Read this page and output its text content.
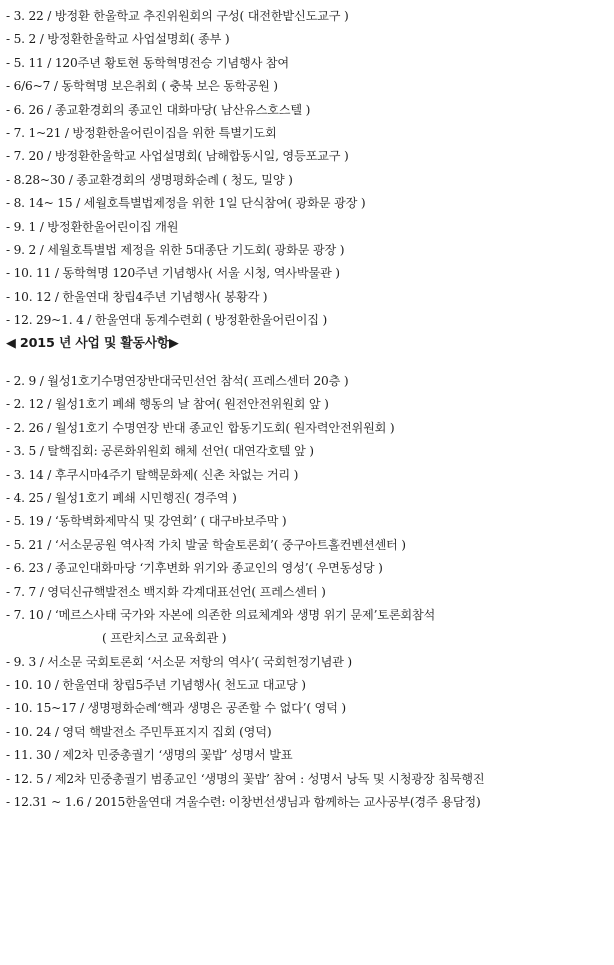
- 3. 22 / 방정환 한울학교 추진위원회의 구성( 대전한밭신도교구 )
- 5. 2 / 방정환한울학교 사업설명회( 종부 )
- 5. 11 / 120주년 황토현 동학혁명전승 기념행사 참여
- 6/6~7 / 동학혁명 보은취회 ( 충북 보은 동학공원 )
- 6. 26 / 종교환경회의 종교인 대화마당( 남산유스호스텔 )
- 7. 1~21 / 방정환한울어린이집을 위한 특별기도회
- 7. 20 / 방정환한울학교 사업설명회( 남해합동시일, 영등포교구 )
- 8.28~30 / 종교환경회의 생명평화순례 ( 청도, 밀양 )
- 8. 14~ 15 / 세월호특별법제정을 위한 1일 단식참여( 광화문 광장 )
- 9. 1 / 방정환한울어린이집 개원
- 9. 2 / 세월호특별법 제정을 위한 5대종단 기도회( 광화문 광장 )
- 10. 11 / 동학혁명 120주년 기념행사( 서울 시청, 역사박물관 )
- 10. 12 / 한울연대 창립4주년 기념행사( 봉황각 )
- 12. 29~1. 4 / 한울연대 동계수련회 ( 방정환한울어린이집 )
◀ 2015 년 사업 및 활동사항▶
- 2. 9 / 월성1호기수명연장반대국민선언 참석( 프레스센터 20층 )
- 2. 12 / 월성1호기 폐쇄 행동의 날 참여( 원전안전위원회 앞 )
- 2. 26 / 월성1호기 수명연장 반대 종교인 합동기도회( 원자력안전위원회 )
- 3. 5 / 탈핵집회: 공론화위원회 해체 선언( 대연각호텔 앞 )
- 3. 14 / 후쿠시마4주기 탈핵문화제( 신촌 차없는 거리 )
- 4. 25 / 월성1호기 폐쇄 시민행진( 경주역 )
- 5. 19 / ‘동학벽화제막식 및 강연회’ ( 대구바보주막 )
- 5. 21 / ‘서소문공원 역사적 가치 발굴 학술토론회’( 중구아트홀컨벤션센터 )
- 6. 23 / 종교인대화마당 ‘기후변화 위기와 종교인의 영성’( 우면동성당 )
- 7. 7 / 영덕신규핵발전소 백지화 각계대표선언( 프레스센터 )
- 7. 10 / ‘메르스사태 국가와 자본에 의존한 의료체계와 생명 위기 문제’토론회참석
( 프란치스코 교육회관 )
- 9. 3 / 서소문 국회토론회 ‘서소문 저항의 역사’( 국회헌정기념관 )
- 10. 10 / 한울연대 창립5주년 기념행사( 천도교 대교당 )
- 10. 15~17 / 생명평화순례‘핵과 생명은 공존할 수 없다’( 영덕 )
- 10. 24 / 영덕 핵발전소 주민투표지지 집회 (영덕)
- 11. 30 / 제2차 민중총궐기 ‘생명의 꽃밥’ 성명서 발표
- 12. 5 / 제2차 민중총궐기 범종교인 ‘생명의 꽃밥’ 참여 : 성명서 낭독 및 시청광장 침묵행진
- 12.31 ~ 1.6 / 2015한울연대 겨울수련: 이창번선생님과 함께하는 교사공부(경주 용담정)
